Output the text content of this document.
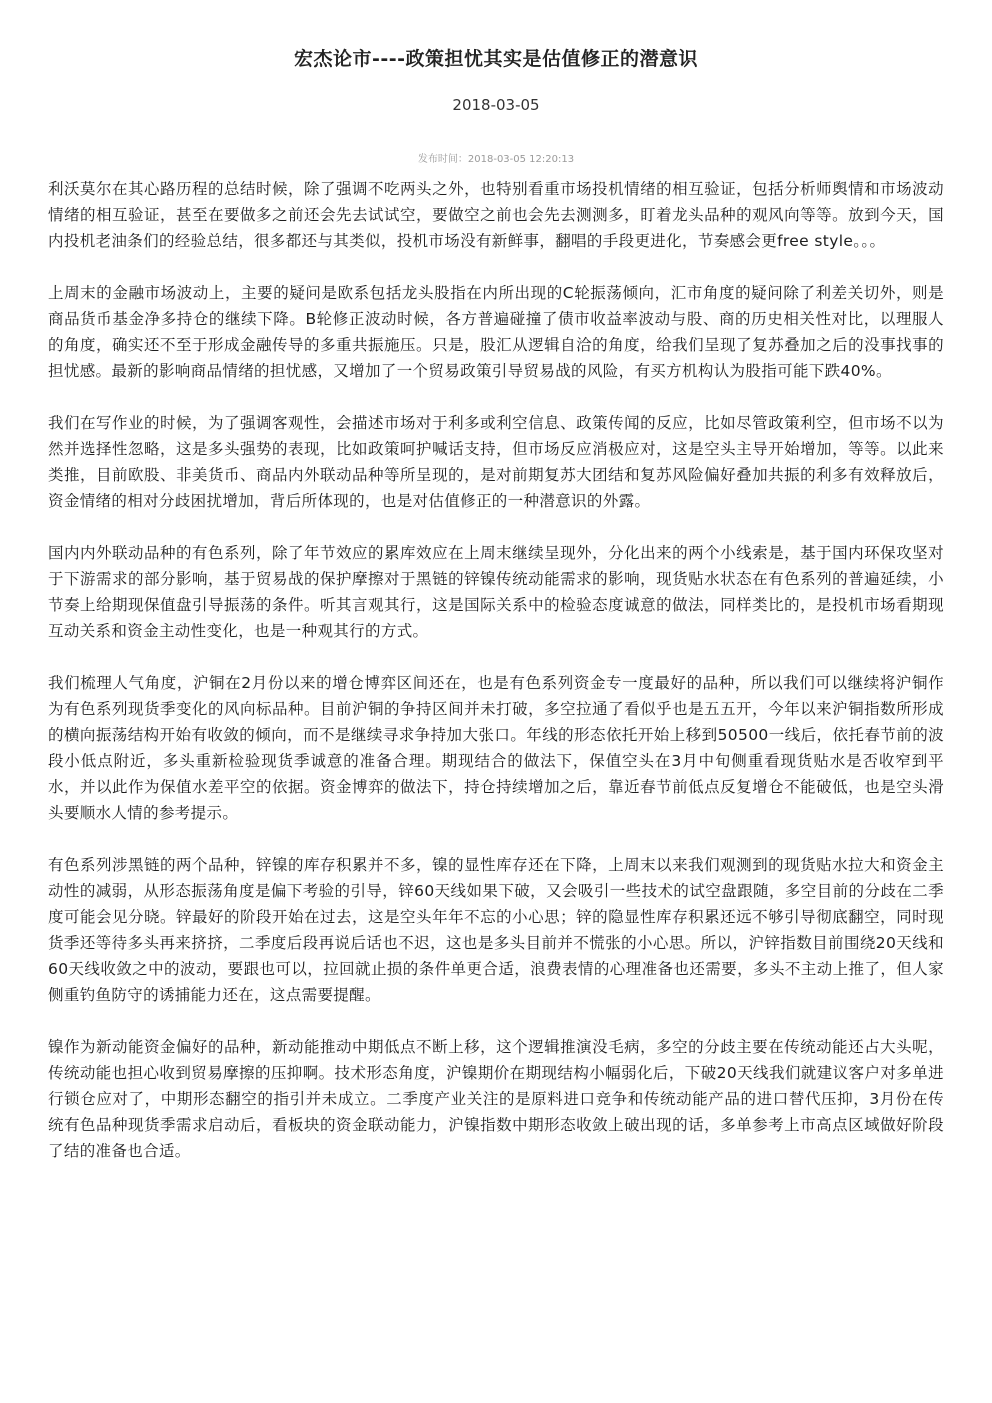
宏杰论市----政策担忧其实是估值修正的潜意识
2018-03-05
发布时间：2018-03-05 12:20:13

利沃莫尔在其心路历程的总结时候，除了强调不吃两头之外，也特别看重市场投机情绪的相互验证，包括分析师舆情和市场波动情绪的相互验证，甚至在要做多之前还会先去试试空，要做空之前也会先去测测多，盯着龙头品种的观风向等等。放到今天，国内投机老油条们的经验总结，很多都还与其类似，投机市场没有新鲜事，翻唱的手段更进化，节奏感会更free style。。。

上周末的金融市场波动上，主要的疑问是欧系包括龙头股指在内所出现的C轮振荡倾向，汇市角度的疑问除了利差关切外，则是商品货币基金净多持仓的继续下降。B轮修正波动时候，各方普遍碰撞了债市收益率波动与股、商的历史相关性对比，以理服人的角度，确实还不至于形成金融传导的多重共振施压。只是，股汇从逻辑自洽的角度，给我们呈现了复苏叠加之后的没事找事的担忧感。最新的影响商品情绪的担忧感，又增加了一个贸易政策引导贸易战的风险，有买方机构认为股指可能下跌40%。

我们在写作业的时候，为了强调客观性，会描述市场对于利多或利空信息、政策传闻的反应，比如尽管政策利空，但市场不以为然并选择性忽略，这是多头强势的表现，比如政策呵护喊话支持，但市场反应消极应对，这是空头主导开始增加，等等。以此来类推，目前欧股、非美货币、商品内外联动品种等所呈现的，是对前期复苏大团结和复苏风险偏好叠加共振的利多有效释放后，资金情绪的相对分歧困扰增加，背后所体现的，也是对估值修正的一种潜意识的外露。

国内内外联动品种的有色系列，除了年节效应的累库效应在上周末继续呈现外，分化出来的两个小线索是，基于国内环保攻坚对于下游需求的部分影响，基于贸易战的保护摩擦对于黑链的锌镍传统动能需求的影响，现货贴水状态在有色系列的普遍延续，小节奏上给期现保值盘引导振荡的条件。听其言观其行，这是国际关系中的检验态度诚意的做法，同样类比的，是投机市场看期现互动关系和资金主动性变化，也是一种观其行的方式。

我们梳理人气角度，沪铜在2月份以来的增仓博弈区间还在，也是有色系列资金专一度最好的品种，所以我们可以继续将沪铜作为有色系列现货季变化的风向标品种。目前沪铜的争持区间并未打破，多空拉通了看似乎也是五五开，今年以来沪铜指数所形成的横向振荡结构开始有收敛的倾向，而不是继续寻求争持加大张口。年线的形态依托开始上移到50500一线后，依托春节前的波段小低点附近，多头重新检验现货季诚意的准备合理。期现结合的做法下，保值空头在3月中旬侧重看现货贴水是否收窄到平水，并以此作为保值水差平空的依据。资金博弈的做法下，持仓持续增加之后，靠近春节前低点反复增仓不能破低，也是空头滑头要顺水人情的参考提示。

有色系列涉黑链的两个品种，锌镍的库存积累并不多，镍的显性库存还在下降，上周末以来我们观测到的现货贴水拉大和资金主动性的减弱，从形态振荡角度是偏下考验的引导，锌60天线如果下破，又会吸引一些技术的试空盘跟随，多空目前的分歧在二季度可能会见分晓。锌最好的阶段开始在过去，这是空头年年不忘的小心思；锌的隐显性库存积累还远不够引导彻底翻空，同时现货季还等待多头再来挤挤，二季度后段再说后话也不迟，这也是多头目前并不慌张的小心思。所以，沪锌指数目前围绕20天线和60天线收敛之中的波动，要跟也可以，拉回就止损的条件单更合适，浪费表情的心理准备也还需要，多头不主动上推了，但人家侧重钓鱼防守的诱捕能力还在，这点需要提醒。

镍作为新动能资金偏好的品种，新动能推动中期低点不断上移，这个逻辑推演没毛病，多空的分歧主要在传统动能还占大头呢，传统动能也担心收到贸易摩擦的压抑啊。技术形态角度，沪镍期价在期现结构小幅弱化后，下破20天线我们就建议客户对多单进行锁仓应对了，中期形态翻空的指引并未成立。二季度产业关注的是原料进口竞争和传统动能产品的进口替代压抑，3月份在传统有色品种现货季需求启动后，看板块的资金联动能力，沪镍指数中期形态收敛上破出现的话，多单参考上市高点区域做好阶段了结的准备也合适。
